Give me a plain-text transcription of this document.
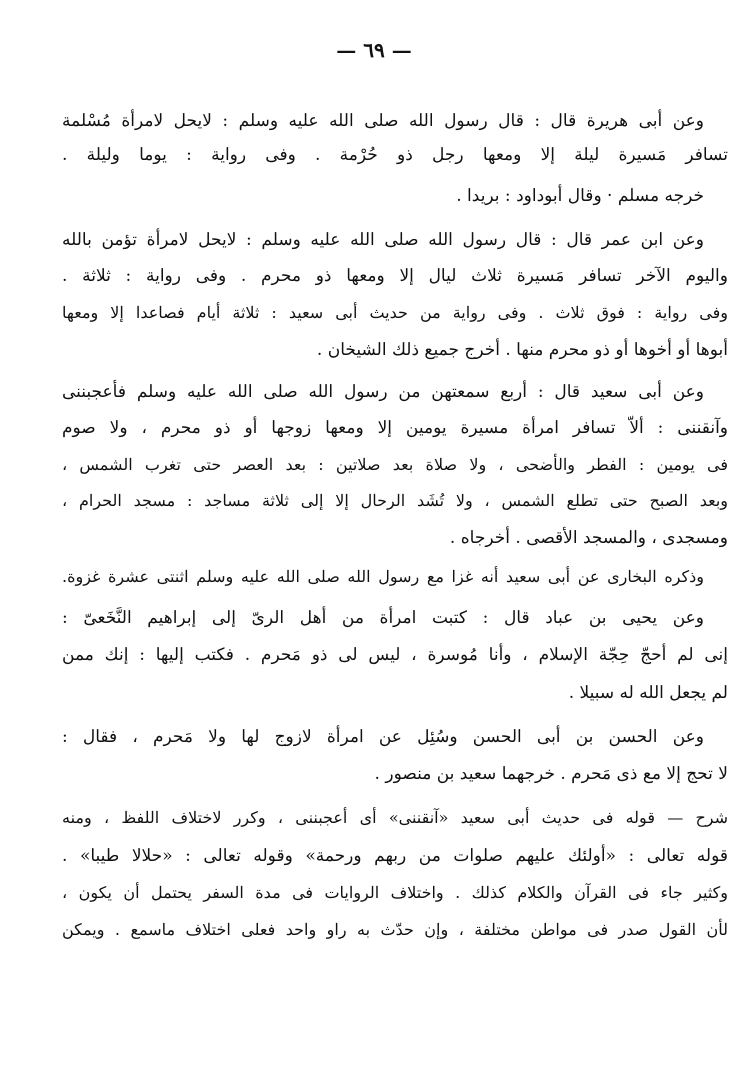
— ٦٩ —
وعن أبى هريرة قال : قال رسول الله صلى الله عليه وسلم : لايحل لامرأة مُسْلمة
تسافر مَسيرة ليلة إلا ومعها رجل ذو حُرْمة . وفى رواية : يوما وليلة .
خرجه مسلم · وقال أبوداود : بريدا .
وعن ابن عمر قال : قال رسول الله صلى الله عليه وسلم : لايحل لامرأة تؤمن بالله
واليوم الآخر تسافر مَسيرة ثلاث ليال إلا ومعها ذو محرم . وفى رواية : ثلاثة .
وفى رواية : فوق ثلاث . وفى رواية من حديث أبى سعيد : ثلاثة أيام فصاعدا إلا ومعها
أبوها أو أخوها أو ذو محرم منها . أخرج جميع ذلك الشيخان .
وعن أبى سعيد قال : أربع سمعتهن من رسول الله صلى الله عليه وسلم فأعجبننى
وآنقننى : ألاّ تسافر امرأة مسيرة يومين إلا ومعها زوجها أو ذو محرم ، ولا صوم
فى يومين : الفطر والأضحى ، ولا صلاة بعد صلاتين : بعد العصر حتى تغرب الشمس ،
وبعد الصبح حتى تطلع الشمس ، ولا تُشَد الرحال إلا إلى ثلاثة مساجد : مسجد الحرام ،
ومسجدى ، والمسجد الأقصى . أخرجاه .
وذكره البخارى عن أبى سعيد أنه غزا مع رسول الله صلى الله عليه وسلم اثنتى عشرة غزوة.
وعن يحيى بن عباد قال : كتبت امرأة من أهل الرىّ إلى إبراهيم النَّخَعىّ :
إنى لم أحجّ حِجّة الإسلام ، وأنا مُوسرة ، ليس لى ذو مَحرم . فكتب إليها : إنك ممن
لم يجعل الله له سبيلا .
وعن الحسن بن أبى الحسن وسُئِل عن امرأة لازوج لها ولا مَحرم ، فقال :
لا تحج إلا مع ذى مَحرم . خرجهما سعيد بن منصور .
شرح — قوله فى حديث أبى سعيد «آنقننى» أى أعجبننى ، وكرر لاختلاف اللفظ ، ومنه
قوله تعالى : «أولئك عليهم صلوات من ربهم ورحمة» وقوله تعالى : «حلالا طيبا» .
وكثير جاء فى القرآن والكلام كذلك . واختلاف الروايات فى مدة السفر يحتمل أن يكون ،
لأن القول صدر فى مواطن مختلفة ، وإن حدّث به راو واحد فعلى اختلاف ماسمع . ويمكن
